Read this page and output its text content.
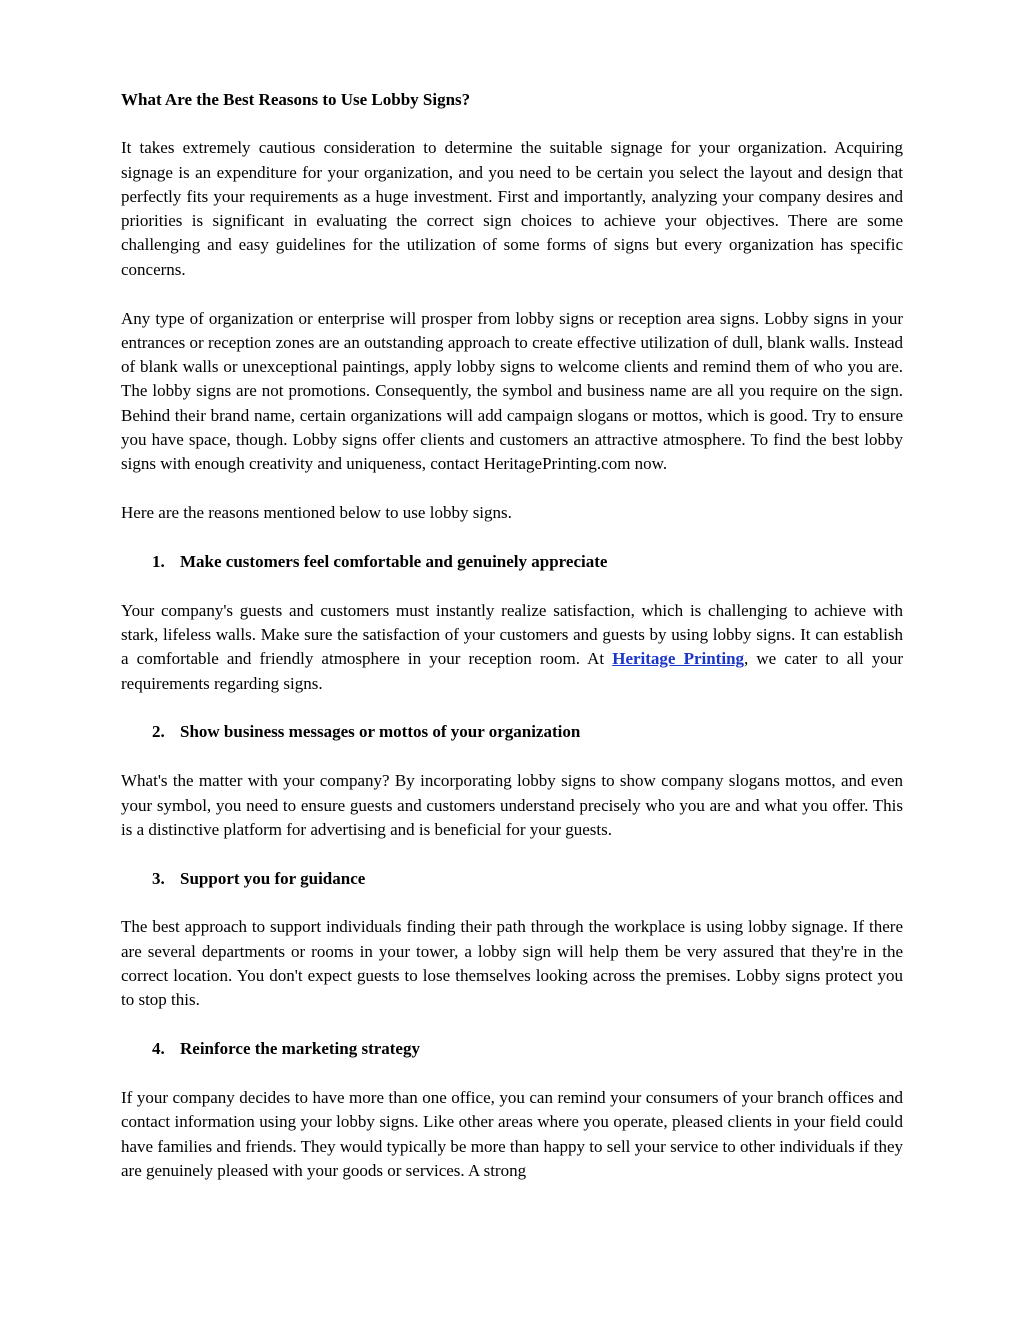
What Are the Best Reasons to Use Lobby Signs?

It takes extremely cautious consideration to determine the suitable signage for your organization. Acquiring signage is an expenditure for your organization, and you need to be certain you select the layout and design that perfectly fits your requirements as a huge investment. First and importantly, analyzing your company desires and priorities is significant in evaluating the correct sign choices to achieve your objectives. There are some challenging and easy guidelines for the utilization of some forms of signs but every organization has specific concerns.

Any type of organization or enterprise will prosper from lobby signs or reception area signs. Lobby signs in your entrances or reception zones are an outstanding approach to create effective utilization of dull, blank walls. Instead of blank walls or unexceptional paintings, apply lobby signs to welcome clients and remind them of who you are. The lobby signs are not promotions. Consequently, the symbol and business name are all you require on the sign. Behind their brand name, certain organizations will add campaign slogans or mottos, which is good. Try to ensure you have space, though. Lobby signs offer clients and customers an attractive atmosphere. To find the best lobby signs with enough creativity and uniqueness, contact HeritagePrinting.com now.

Here are the reasons mentioned below to use lobby signs.

1. Make customers feel comfortable and genuinely appreciate

Your company's guests and customers must instantly realize satisfaction, which is challenging to achieve with stark, lifeless walls. Make sure the satisfaction of your customers and guests by using lobby signs. It can establish a comfortable and friendly atmosphere in your reception room. At Heritage Printing, we cater to all your requirements regarding signs.

2. Show business messages or mottos of your organization

What's the matter with your company? By incorporating lobby signs to show company slogans mottos, and even your symbol, you need to ensure guests and customers understand precisely who you are and what you offer. This is a distinctive platform for advertising and is beneficial for your guests.

3. Support you for guidance

The best approach to support individuals finding their path through the workplace is using lobby signage. If there are several departments or rooms in your tower, a lobby sign will help them be very assured that they're in the correct location. You don't expect guests to lose themselves looking across the premises. Lobby signs protect you to stop this.

4. Reinforce the marketing strategy

If your company decides to have more than one office, you can remind your consumers of your branch offices and contact information using your lobby signs. Like other areas where you operate, pleased clients in your field could have families and friends. They would typically be more than happy to sell your service to other individuals if they are genuinely pleased with your goods or services. A strong
